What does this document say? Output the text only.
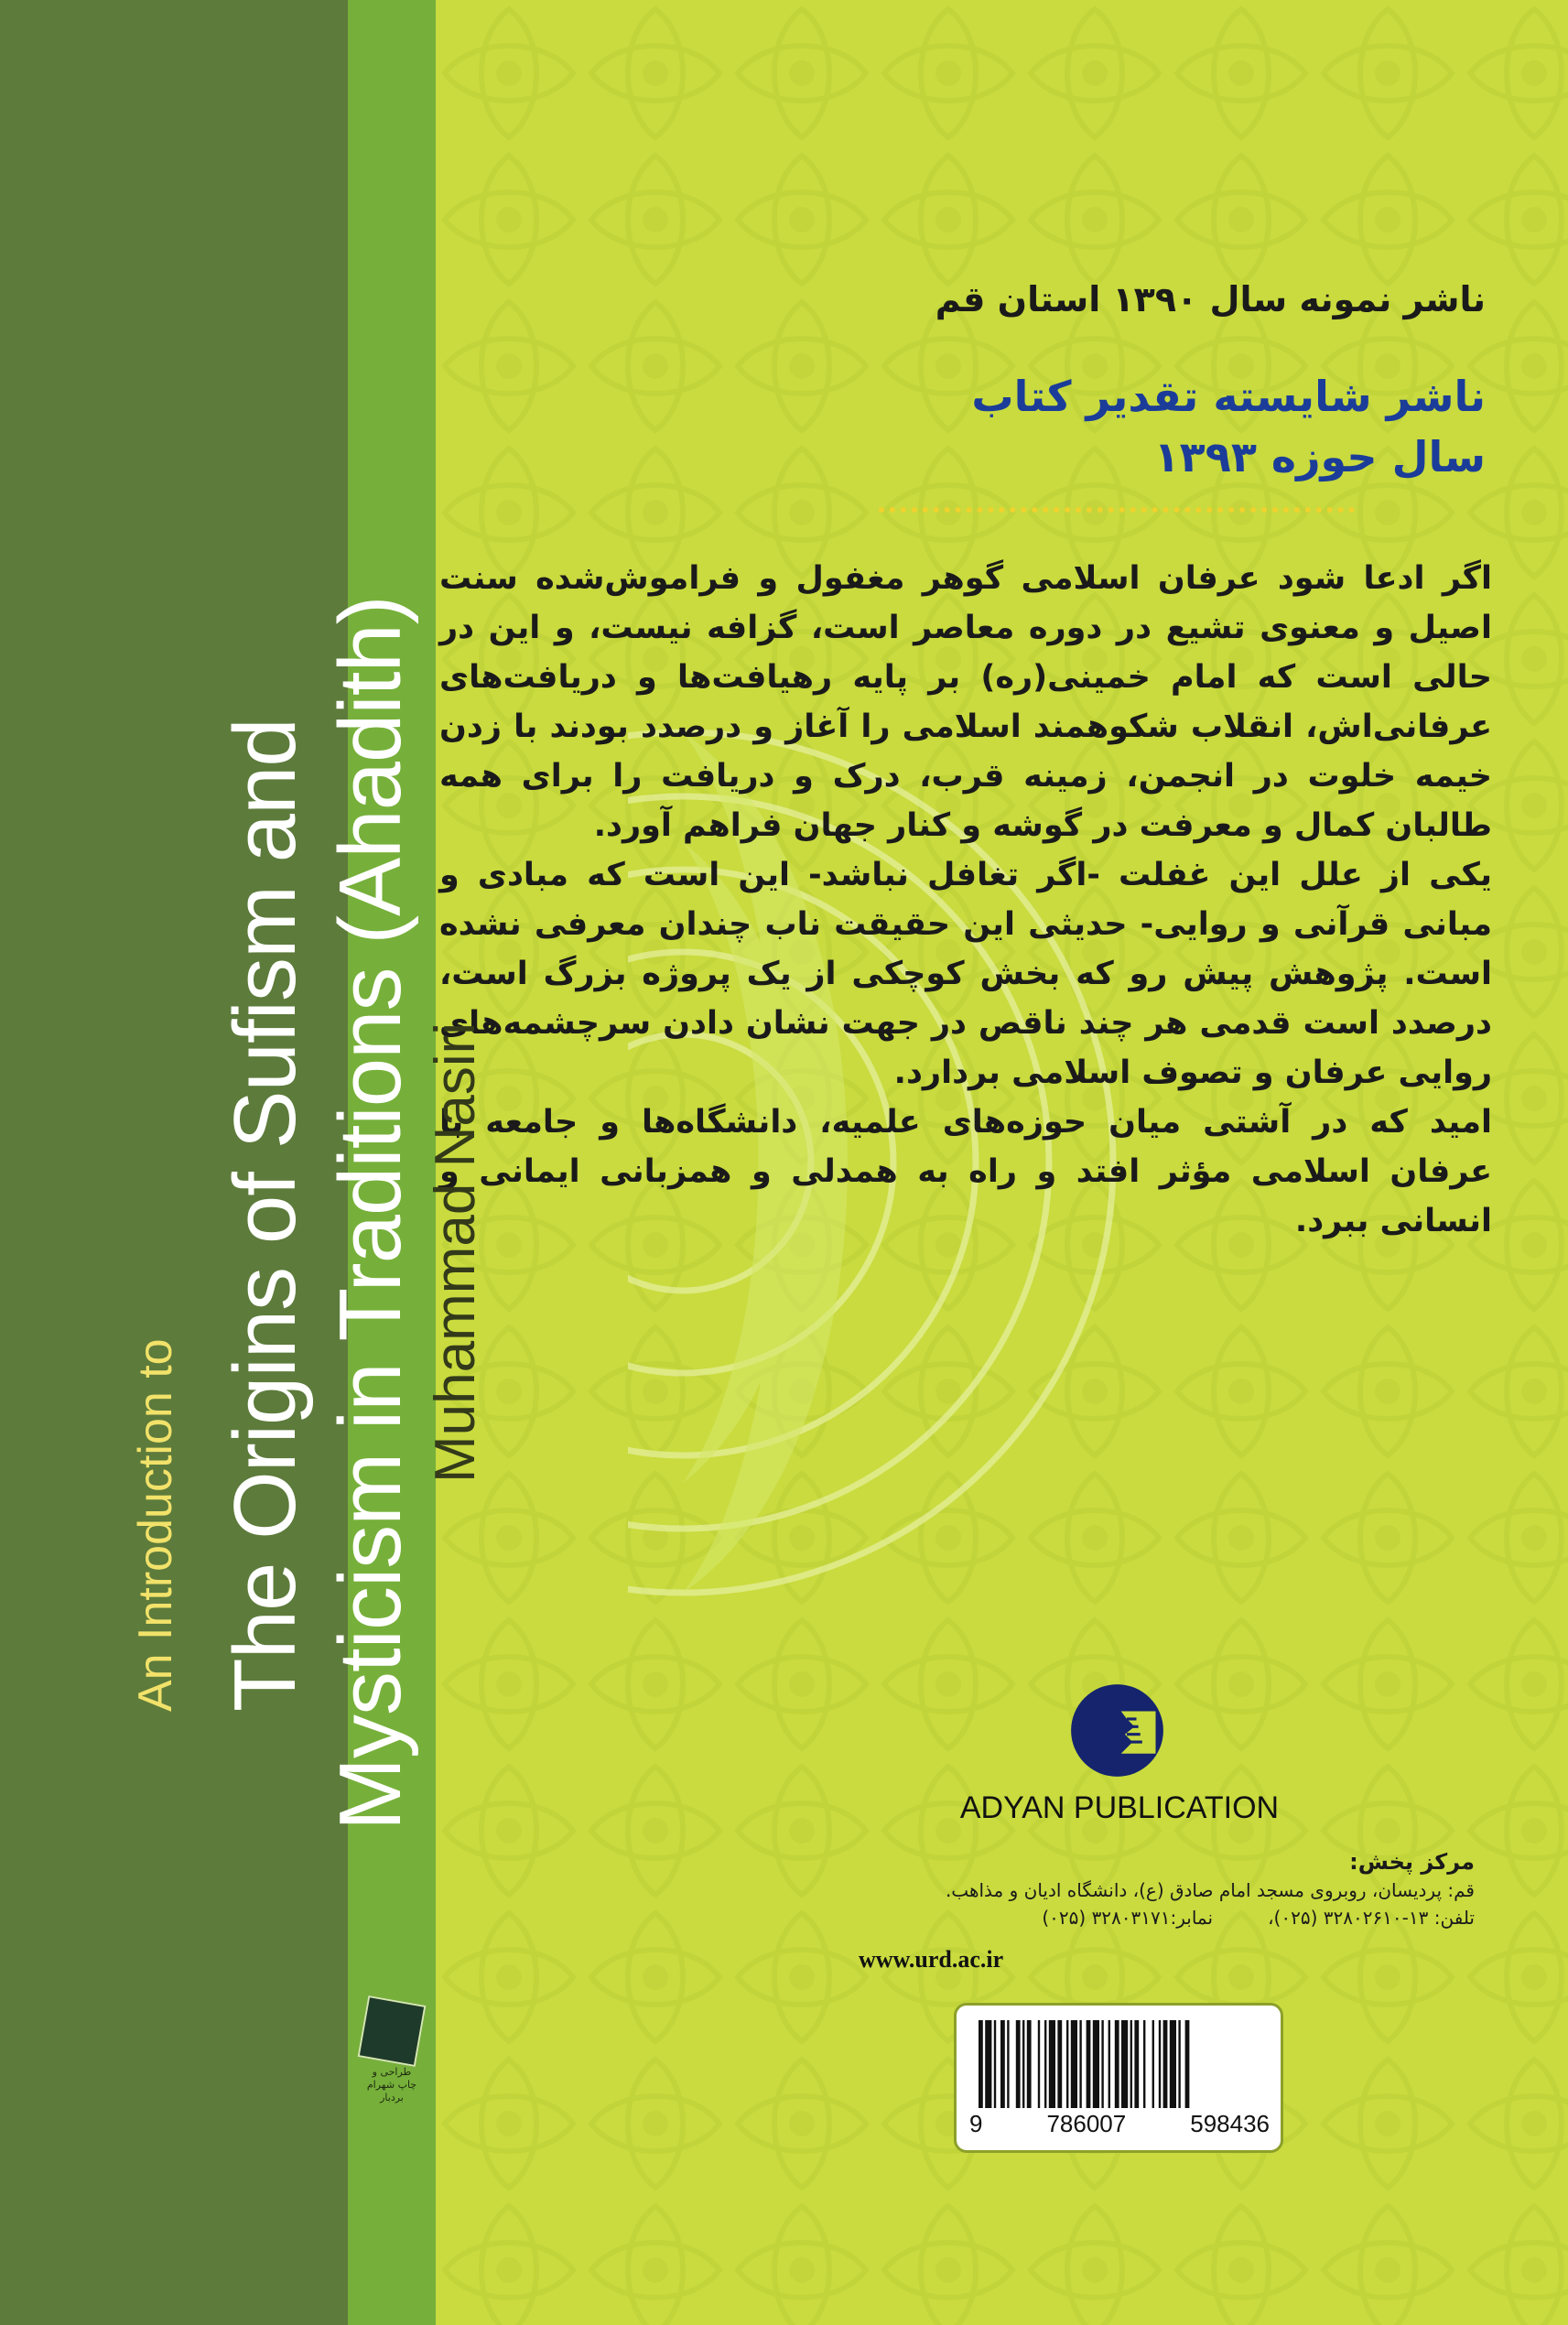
ناشر نمونه سال ۱۳۹۰ استان قم
ناشر شایسته تقدیر کتاب
سال حوزه ۱۳۹۳

اگر ادعا شود عرفان اسلامی گوهر مغفول و فراموش‌شده سنت اصیل و معنوی تشیع در دوره معاصر است، گزافه نیست، و این در حالی است که امام خمینی(ره) بر پایه رهیافت‌ها و دریافت‌های عرفانی‌اش، انقلاب شکوهمند اسلامی را آغاز و درصدد بودند با زدن خیمه خلوت در انجمن، زمینه قرب، درک و دریافت را برای همه طالبان کمال و معرفت در گوشه و کنار جهان فراهم آورد.

یکی از علل این غفلت -اگر تغافل نباشد- این است که مبادی و مبانی قرآنی و روایی- حدیثی این حقیقت ناب چندان معرفی نشده است. پژوهش پیش رو که بخش کوچکی از یک پروژه بزرگ است، درصدد است قدمی هر چند ناقص در جهت نشان دادن سرچشمه‌های روایی عرفان و تصوف اسلامی بردارد.

امید که در آشتی میان حوزه‌های علمیه، دانشگاه‌ها و جامعه با عرفان اسلامی مؤثر افتد و راه به همدلی و همزبانی ایمانی و انسانی ببرد.

An Introduction to The Origins of Sufism and Mysticism in Traditions (Ahadith) Muhammad Nasiri
طراحی و چاپ شهرام بردبار
ADYAN PUBLICATION
مرکز پخش:
قم: پردیسان، روبروی مسجد امام صادق (ع)، دانشگاه ادیان و مذاهب.
تلفن: ۱۳-۳۲۸۰۲۶۱۰ (۰۲۵)،
نمابر:۳۲۸۰۳۱۷۱ (۰۲۵)
www.urd.ac.ir
9	786007	598436
